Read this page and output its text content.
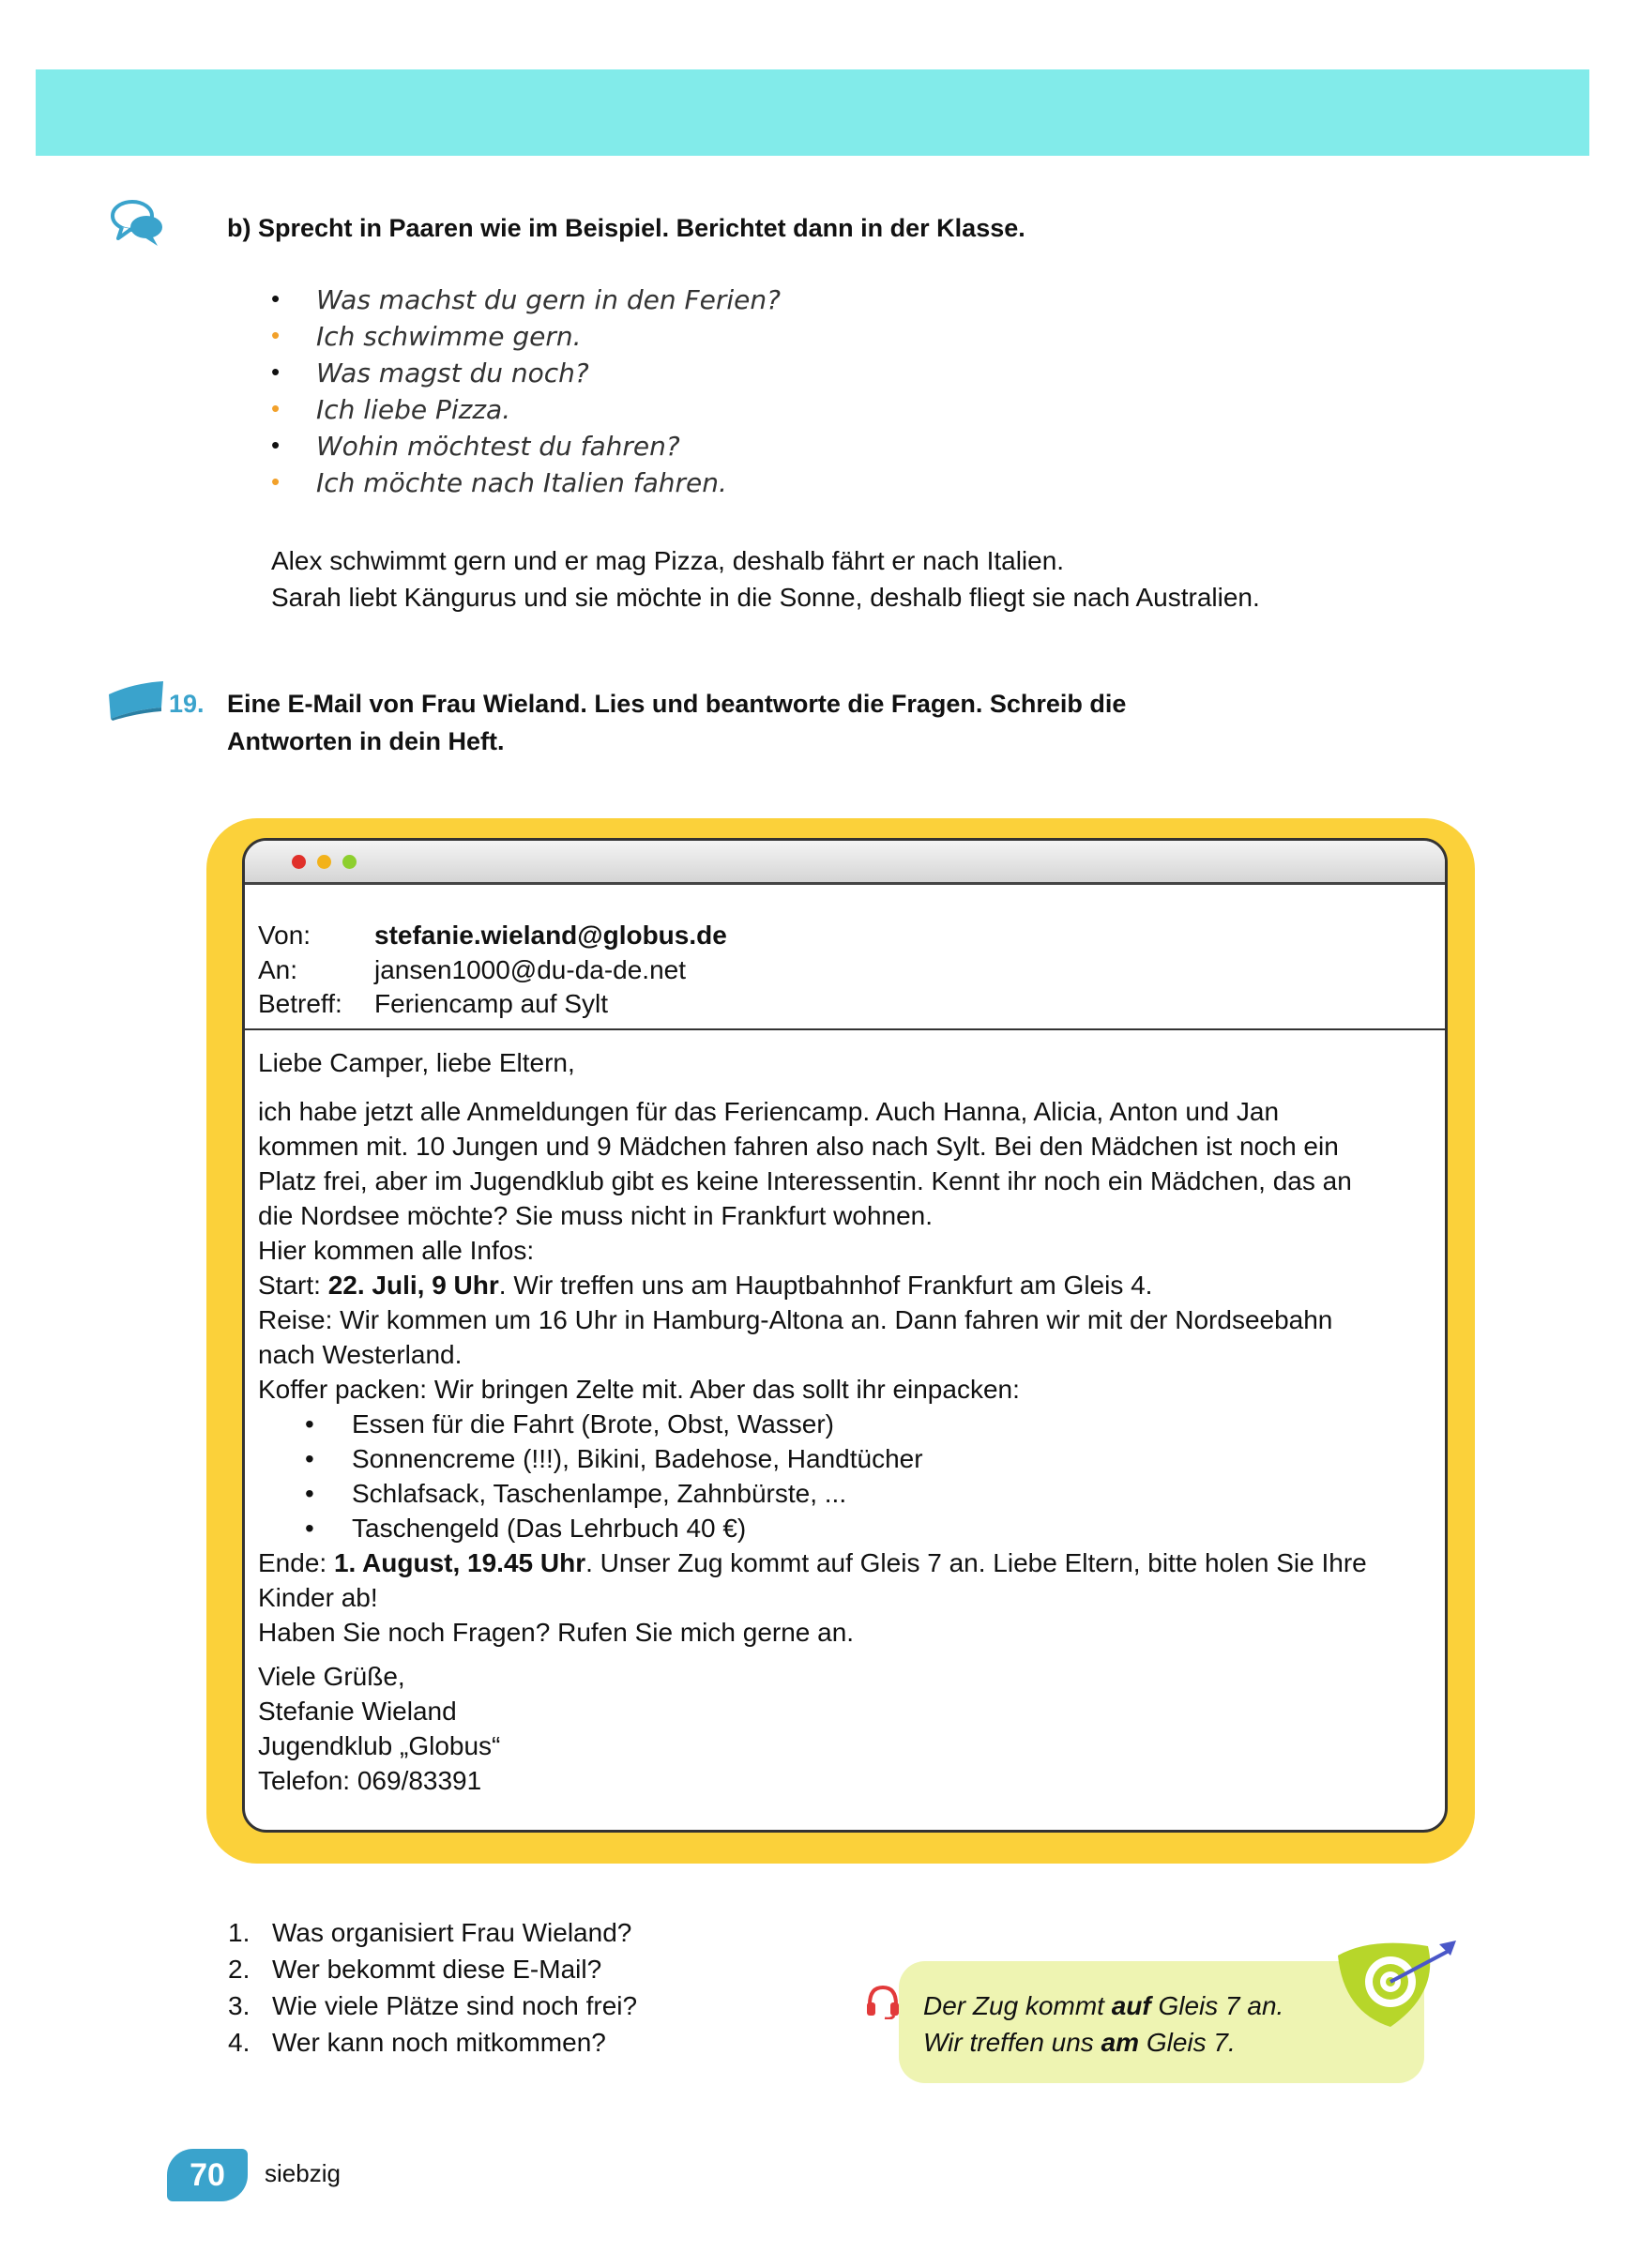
b) Sprecht in Paaren wie im Beispiel. Berichtet dann in der Klasse.
• Was machst du gern in den Ferien?
• Ich schwimme gern.
• Was magst du noch?
• Ich liebe Pizza.
• Wohin möchtest du fahren?
• Ich möchte nach Italien fahren.
Alex schwimmt gern und er mag Pizza, deshalb fährt er nach Italien.
Sarah liebt Kängurus und sie möchte in die Sonne, deshalb fliegt sie nach Australien.
19. Eine E-Mail von Frau Wieland. Lies und beantworte die Fragen. Schreib die
Antworten in dein Heft.
Von: stefanie.wieland@globus.de
An:	jansen1000@du-da-de.net
Betreff: Feriencamp auf Sylt
Liebe Camper, liebe Eltern,
ich habe jetzt alle Anmeldungen für das Feriencamp. Auch Hanna, Alicia, Anton und Jan
kommen mit. 10 Jungen und 9 Mädchen fahren also nach Sylt. Bei den Mädchen ist noch ein
Platz frei, aber im Jugendklub gibt es keine Interessentin. Kennt ihr noch ein Mädchen, das an
die Nordsee möchte? Sie muss nicht in Frankfurt wohnen.
Hier kommen alle Infos:
Start: 22. Juli, 9 Uhr. Wir treffen uns am Hauptbahnhof Frankfurt am Gleis 4.
Reise: Wir kommen um 16 Uhr in Hamburg-Altona an. Dann fahren wir mit der Nordseebahn
nach Westerland.
Koffer packen: Wir bringen Zelte mit. Aber das sollt ihr einpacken:
• Essen für die Fahrt (Brote, Obst, Wasser)
• Sonnencreme (!!!), Bikini, Badehose, Handtücher
• Schlafsack, Taschenlampe, Zahnbürste, ...
• Taschengeld (Das Lehrbuch 40 €)
Ende: 1. August, 19.45 Uhr. Unser Zug kommt auf Gleis 7 an. Liebe Eltern, bitte holen Sie Ihre
Kinder ab!
Haben Sie noch Fragen? Rufen Sie mich gerne an.
Viele Grüße,
Stefanie Wieland
Jugendklub „Globus“
Telefon: 069/83391
1. Was organisiert Frau Wieland?
2. Wer bekommt diese E-Mail?
3. Wie viele Plätze sind noch frei?
4. Wer kann noch mitkommen?
Der Zug kommt auf Gleis 7 an.
Wir treffen uns am Gleis 7.
70	siebzig
